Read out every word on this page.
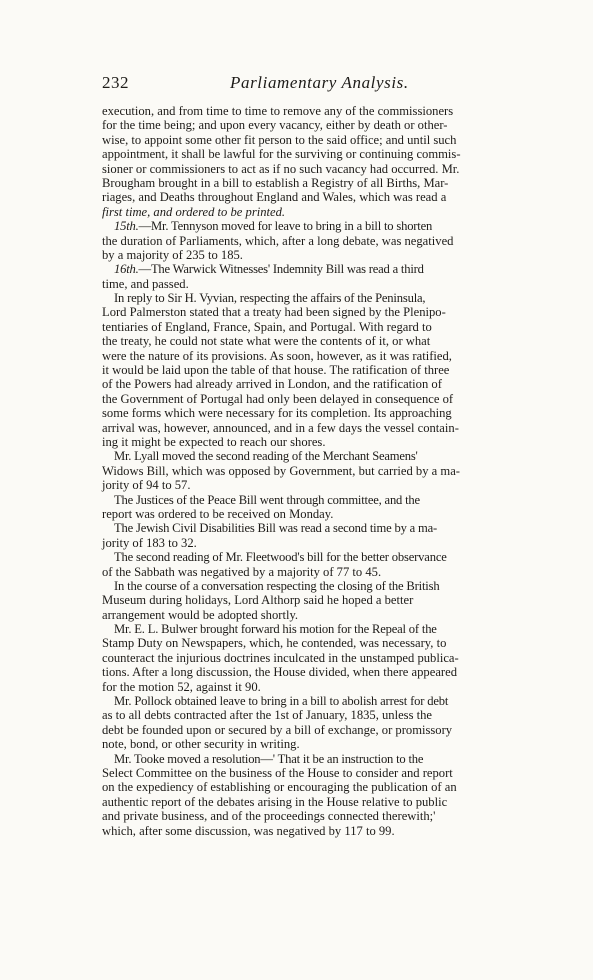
232	Parliamentary Analysis.
execution, and from time to time to remove any of the commissioners
for the time being; and upon every vacancy, either by death or other-
wise, to appoint some other fit person to the said office; and until such
appointment, it shall be lawful for the surviving or continuing commis-
sioner or commissioners to act as if no such vacancy had occurred. Mr.
Brougham brought in a bill to establish a Registry of all Births, Mar-
riages, and Deaths throughout England and Wales, which was read a
first time, and ordered to be printed.
15th.—Mr. Tennyson moved for leave to bring in a bill to shorten
the duration of Parliaments, which, after a long debate, was negatived
by a majority of 235 to 185.
16th.—The Warwick Witnesses' Indemnity Bill was read a third
time, and passed.
In reply to Sir H. Vyvian, respecting the affairs of the Peninsula,
Lord Palmerston stated that a treaty had been signed by the Plenipo-
tentiaries of England, France, Spain, and Portugal. With regard to
the treaty, he could not state what were the contents of it, or what
were the nature of its provisions. As soon, however, as it was ratified,
it would be laid upon the table of that house. The ratification of three
of the Powers had already arrived in London, and the ratification of
the Government of Portugal had only been delayed in consequence of
some forms which were necessary for its completion. Its approaching
arrival was, however, announced, and in a few days the vessel contain-
ing it might be expected to reach our shores.
Mr. Lyall moved the second reading of the Merchant Seamens'
Widows Bill, which was opposed by Government, but carried by a ma-
jority of 94 to 57.
The Justices of the Peace Bill went through committee, and the
report was ordered to be received on Monday.
The Jewish Civil Disabilities Bill was read a second time by a ma-
jority of 183 to 32.
The second reading of Mr. Fleetwood's bill for the better observance
of the Sabbath was negatived by a majority of 77 to 45.
In the course of a conversation respecting the closing of the British
Museum during holidays, Lord Althorp said he hoped a better
arrangement would be adopted shortly.
Mr. E. L. Bulwer brought forward his motion for the Repeal of the
Stamp Duty on Newspapers, which, he contended, was necessary, to
counteract the injurious doctrines inculcated in the unstamped publica-
tions. After a long discussion, the House divided, when there appeared
for the motion 52, against it 90.
Mr. Pollock obtained leave to bring in a bill to abolish arrest for debt
as to all debts contracted after the 1st of January, 1835, unless the
debt be founded upon or secured by a bill of exchange, or promissory
note, bond, or other security in writing.
Mr. Tooke moved a resolution—' That it be an instruction to the
Select Committee on the business of the House to consider and report
on the expediency of establishing or encouraging the publication of an
authentic report of the debates arising in the House relative to public
and private business, and of the proceedings connected therewith;'
which, after some discussion, was negatived by 117 to 99.
